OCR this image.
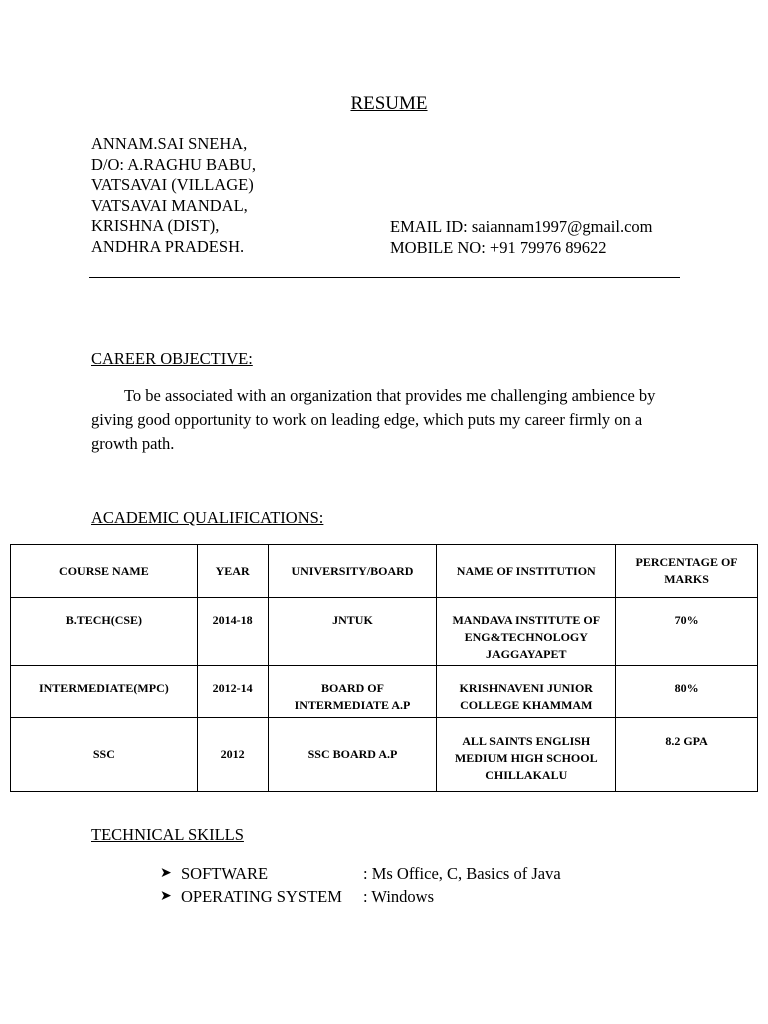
RESUME
ANNAM.SAI SNEHA,
D/O: A.RAGHU BABU,
VATSAVAI (VILLAGE)
VATSAVAI MANDAL,
KRISHNA (DIST),
ANDHRA PRADESH.
EMAIL ID: saiannam1997@gmail.com
MOBILE NO: +91 79976 89622
CAREER OBJECTIVE:
To be associated with an organization that provides me challenging ambience by giving good opportunity to work on leading edge, which puts my career firmly on a growth path.
ACADEMIC QUALIFICATIONS:
COURSE NAME	YEAR	UNIVERSITY/BOARD	NAME OF INSTITUTION	PERCENTAGE OF MARKS
B.TECH(CSE)	2014-18	JNTUK	MANDAVA INSTITUTE OF ENG&TECHNOLOGY JAGGAYAPET	70%
INTERMEDIATE(MPC)	2012-14	BOARD OF INTERMEDIATE A.P	KRISHNAVENI JUNIOR COLLEGE KHAMMAM	80%
SSC	2012	SSC BOARD A.P	ALL SAINTS ENGLISH MEDIUM HIGH SCHOOL CHILLAKALU	8.2 GPA
TECHNICAL SKILLS
➤ SOFTWARE	: Ms Office, C, Basics of Java
➤ OPERATING SYSTEM : Windows
